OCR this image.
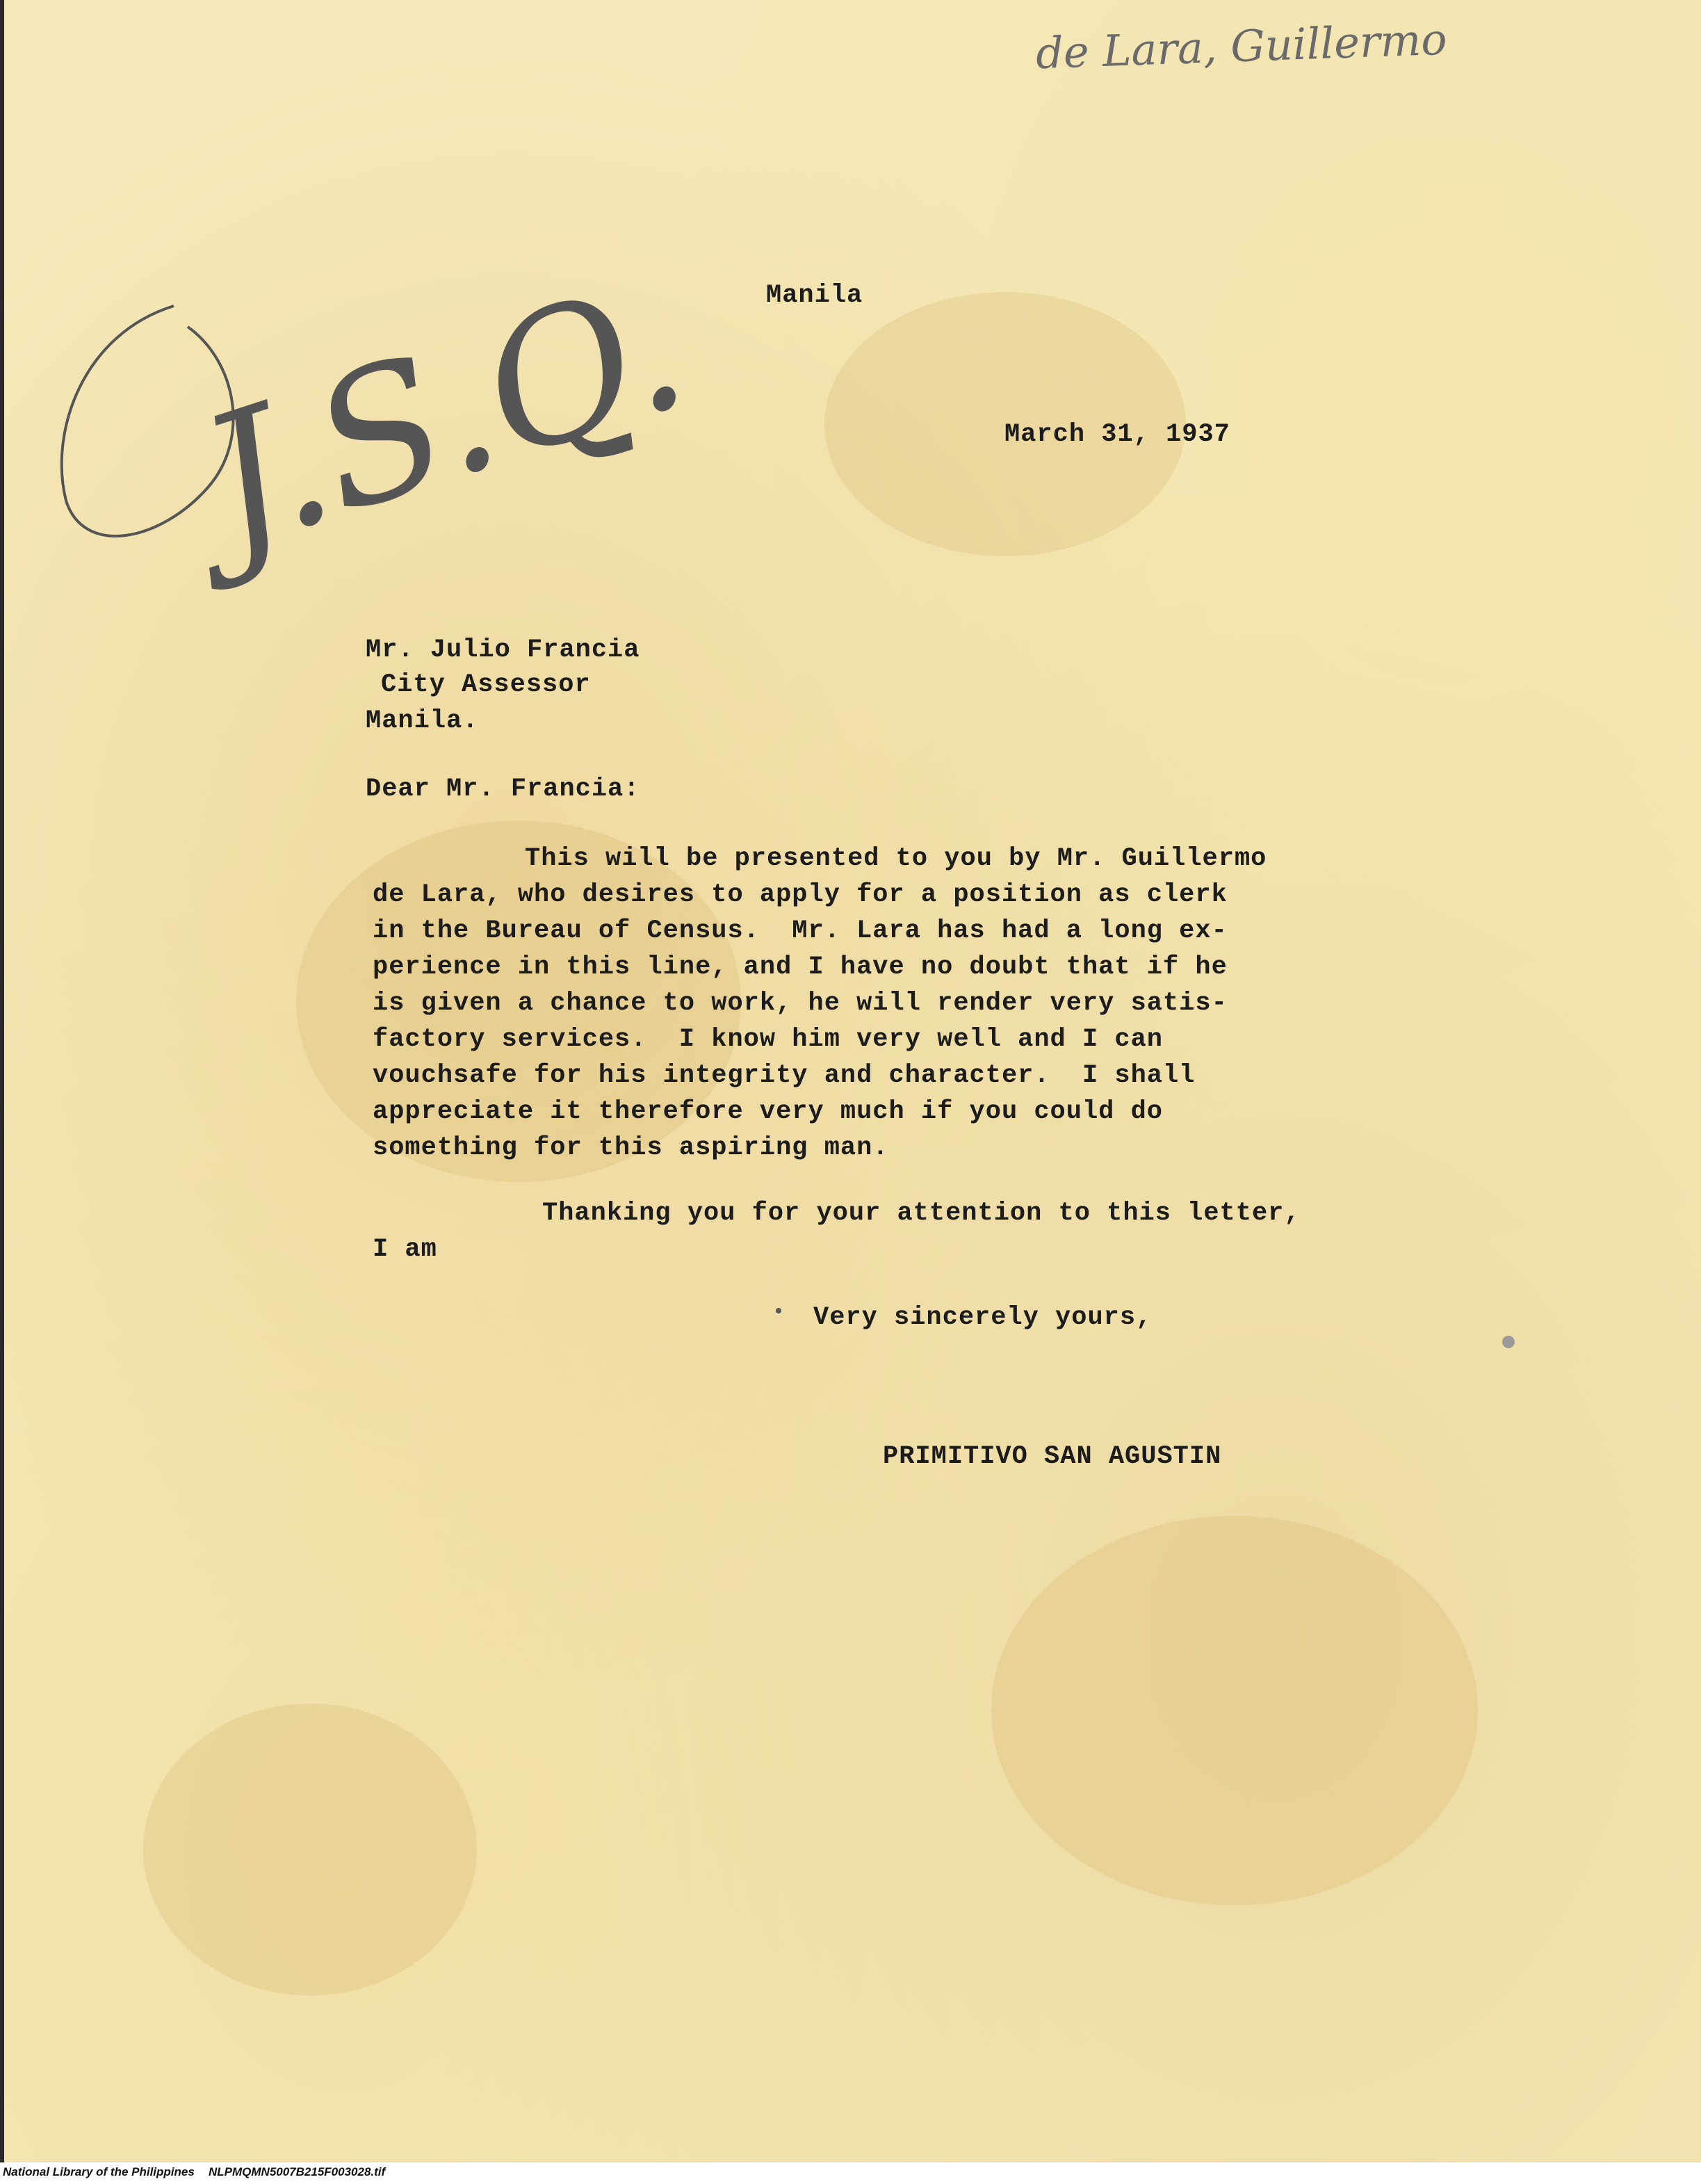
de Lara, Guillermo

J.S.Q. Manila
March 31, 1937
Mr. Julio Francia
City Assessor
Manila.
Dear Mr. Francia:
This will be presented to you by Mr. Guillermo
de Lara, who desires to apply for a position as clerk
in the Bureau of Census.  Mr. Lara has had a long ex-
perience in this line, and I have no doubt that if he
is given a chance to work, he will render very satis-
factory services.  I know him very well and I can
vouchsafe for his integrity and character.  I shall
appreciate it therefore very much if you could do
something for this aspiring man.
Thanking you for your attention to this letter,
I am
Very sincerely yours,
PRIMITIVO SAN AGUSTIN
National Library of the Philippines NLPMQMN5007B215F003028.tif
